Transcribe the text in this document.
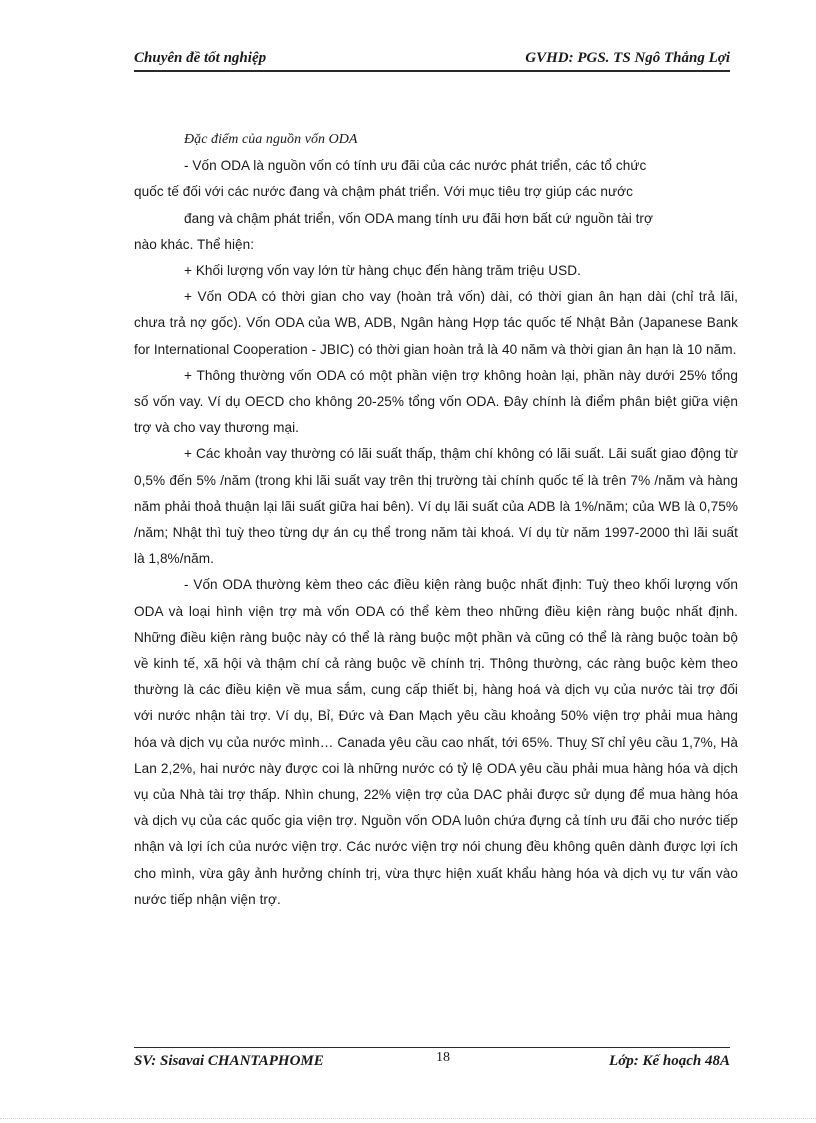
Chuyên đề tốt nghiệp	GVHD: PGS. TS Ngô Thắng Lợi

Đặc điểm của nguồn vốn ODA

- Vốn ODA là nguồn vốn có tính ưu đãi của các nước phát triển, các tổ chức
quốc tế đối với các nước đang và chậm phát triển. Với mục tiêu trợ giúp các nước
đang và chậm phát triển, vốn ODA mang tính ưu đãi hơn bất cứ nguồn tài trợ
nào khác. Thể hiện:

+ Khối lượng vốn vay lớn từ hàng chục đến hàng trăm triệu USD.

+ Vốn ODA có thời gian cho vay (hoàn trả vốn) dài, có thời gian ân hạn dài (chỉ trả lãi, chưa trả nợ gốc). Vốn ODA của WB, ADB, Ngân hàng Hợp tác quốc tế Nhật Bản (Japanese Bank for International Cooperation - JBIC) có thời gian hoàn trả là 40 năm và thời gian ân hạn là 10 năm.

+ Thông thường vốn ODA có một phần viện trợ không hoàn lại, phần này dưới 25% tổng số vốn vay. Ví dụ OECD cho không 20-25% tổng vốn ODA. Đây chính là điểm phân biệt giữa viện trợ và cho vay thương mại.

+ Các khoản vay thường có lãi suất thấp, thậm chí không có lãi suất. Lãi suất giao động từ 0,5% đến 5% /năm (trong khi lãi suất vay trên thị trường tài chính quốc tế là trên 7% /năm và hàng năm phải thoả thuận lại lãi suất giữa hai bên). Ví dụ lãi suất của ADB là 1%/năm; của WB là 0,75% /năm; Nhật thì tuỳ theo từng dự án cụ thể trong năm tài khoá. Ví dụ từ năm 1997-2000 thì lãi suất là 1,8%/năm.

- Vốn ODA thường kèm theo các điều kiện ràng buộc nhất định: Tuỳ theo khối lượng vốn ODA và loại hình viện trợ mà vốn ODA có thể kèm theo những điều kiện ràng buộc nhất định. Những điều kiện ràng buộc này có thể là ràng buộc một phần và cũng có thể là ràng buộc toàn bộ về kinh tế, xã hội và thậm chí cả ràng buộc về chính trị. Thông thường, các ràng buộc kèm theo thường là các điều kiện về mua sắm, cung cấp thiết bị, hàng hoá và dịch vụ của nước tài trợ đối với nước nhận tài trợ. Ví dụ, Bỉ, Đức và Đan Mạch yêu cầu khoảng 50% viện trợ phải mua hàng hóa và dịch vụ của nước mình… Canada yêu cầu cao nhất, tới 65%. Thuỵ Sĩ chỉ yêu cầu 1,7%, Hà Lan 2,2%, hai nước này được coi là những nước có tỷ lệ ODA yêu cầu phải mua hàng hóa và dịch vụ của Nhà tài trợ thấp. Nhìn chung, 22% viện trợ của DAC phải được sử dụng để mua hàng hóa và dịch vụ của các quốc gia viện trợ. Nguồn vốn ODA luôn chứa đựng cả tính ưu đãi cho nước tiếp nhận và lợi ích của nước viện trợ. Các nước viện trợ nói chung đều không quên dành được lợi ích cho mình, vừa gây ảnh hưởng chính trị, vừa thực hiện xuất khẩu hàng hóa và dịch vụ tư vấn vào nước tiếp nhận viện trợ.

SV: Sisavai CHANTAPHOME	18	Lớp: Kế hoạch 48A
